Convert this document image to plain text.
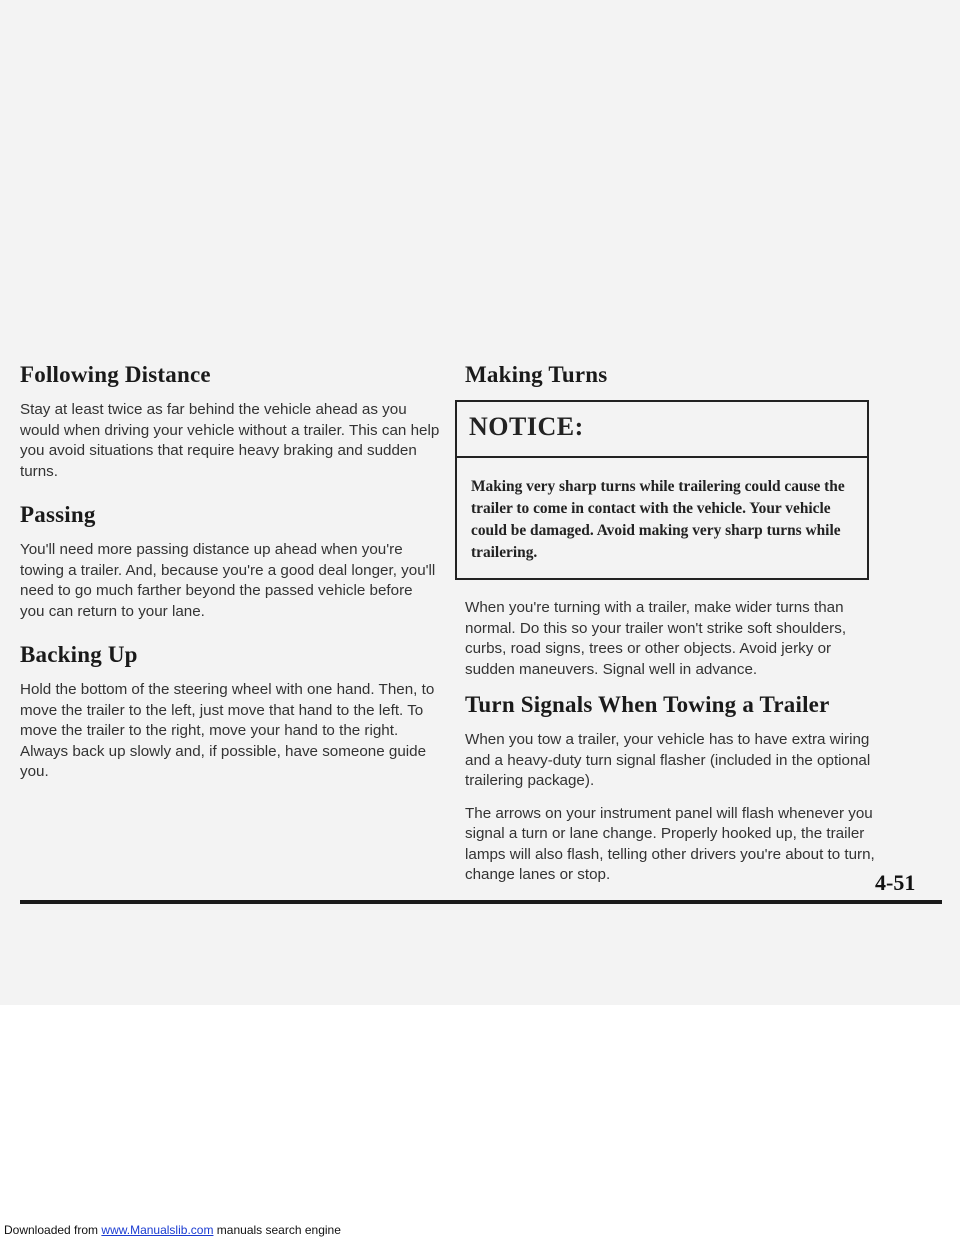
Following Distance

Stay at least twice as far behind the vehicle ahead as you would when driving your vehicle without a trailer. This can help you avoid situations that require heavy braking and sudden turns.

Passing

You'll need more passing distance up ahead when you're towing a trailer. And, because you're a good deal longer, you'll need to go much farther beyond the passed vehicle before you can return to your lane.

Backing Up

Hold the bottom of the steering wheel with one hand. Then, to move the trailer to the left, just move that hand to the left. To move the trailer to the right, move your hand to the right. Always back up slowly and, if possible, have someone guide you.

Making Turns
NOTICE:
Making very sharp turns while trailering could cause the trailer to come in contact with the vehicle. Your vehicle could be damaged. Avoid making very sharp turns while trailering.

When you're turning with a trailer, make wider turns than normal. Do this so your trailer won't strike soft shoulders, curbs, road signs, trees or other objects. Avoid jerky or sudden maneuvers. Signal well in advance.

Turn Signals When Towing a Trailer

When you tow a trailer, your vehicle has to have extra wiring and a heavy-duty turn signal flasher (included in the optional trailering package).

The arrows on your instrument panel will flash whenever you signal a turn or lane change. Properly hooked up, the trailer lamps will also flash, telling other drivers you're about to turn, change lanes or stop.	4-51
Downloaded from www.Manualslib.com manuals search engine
